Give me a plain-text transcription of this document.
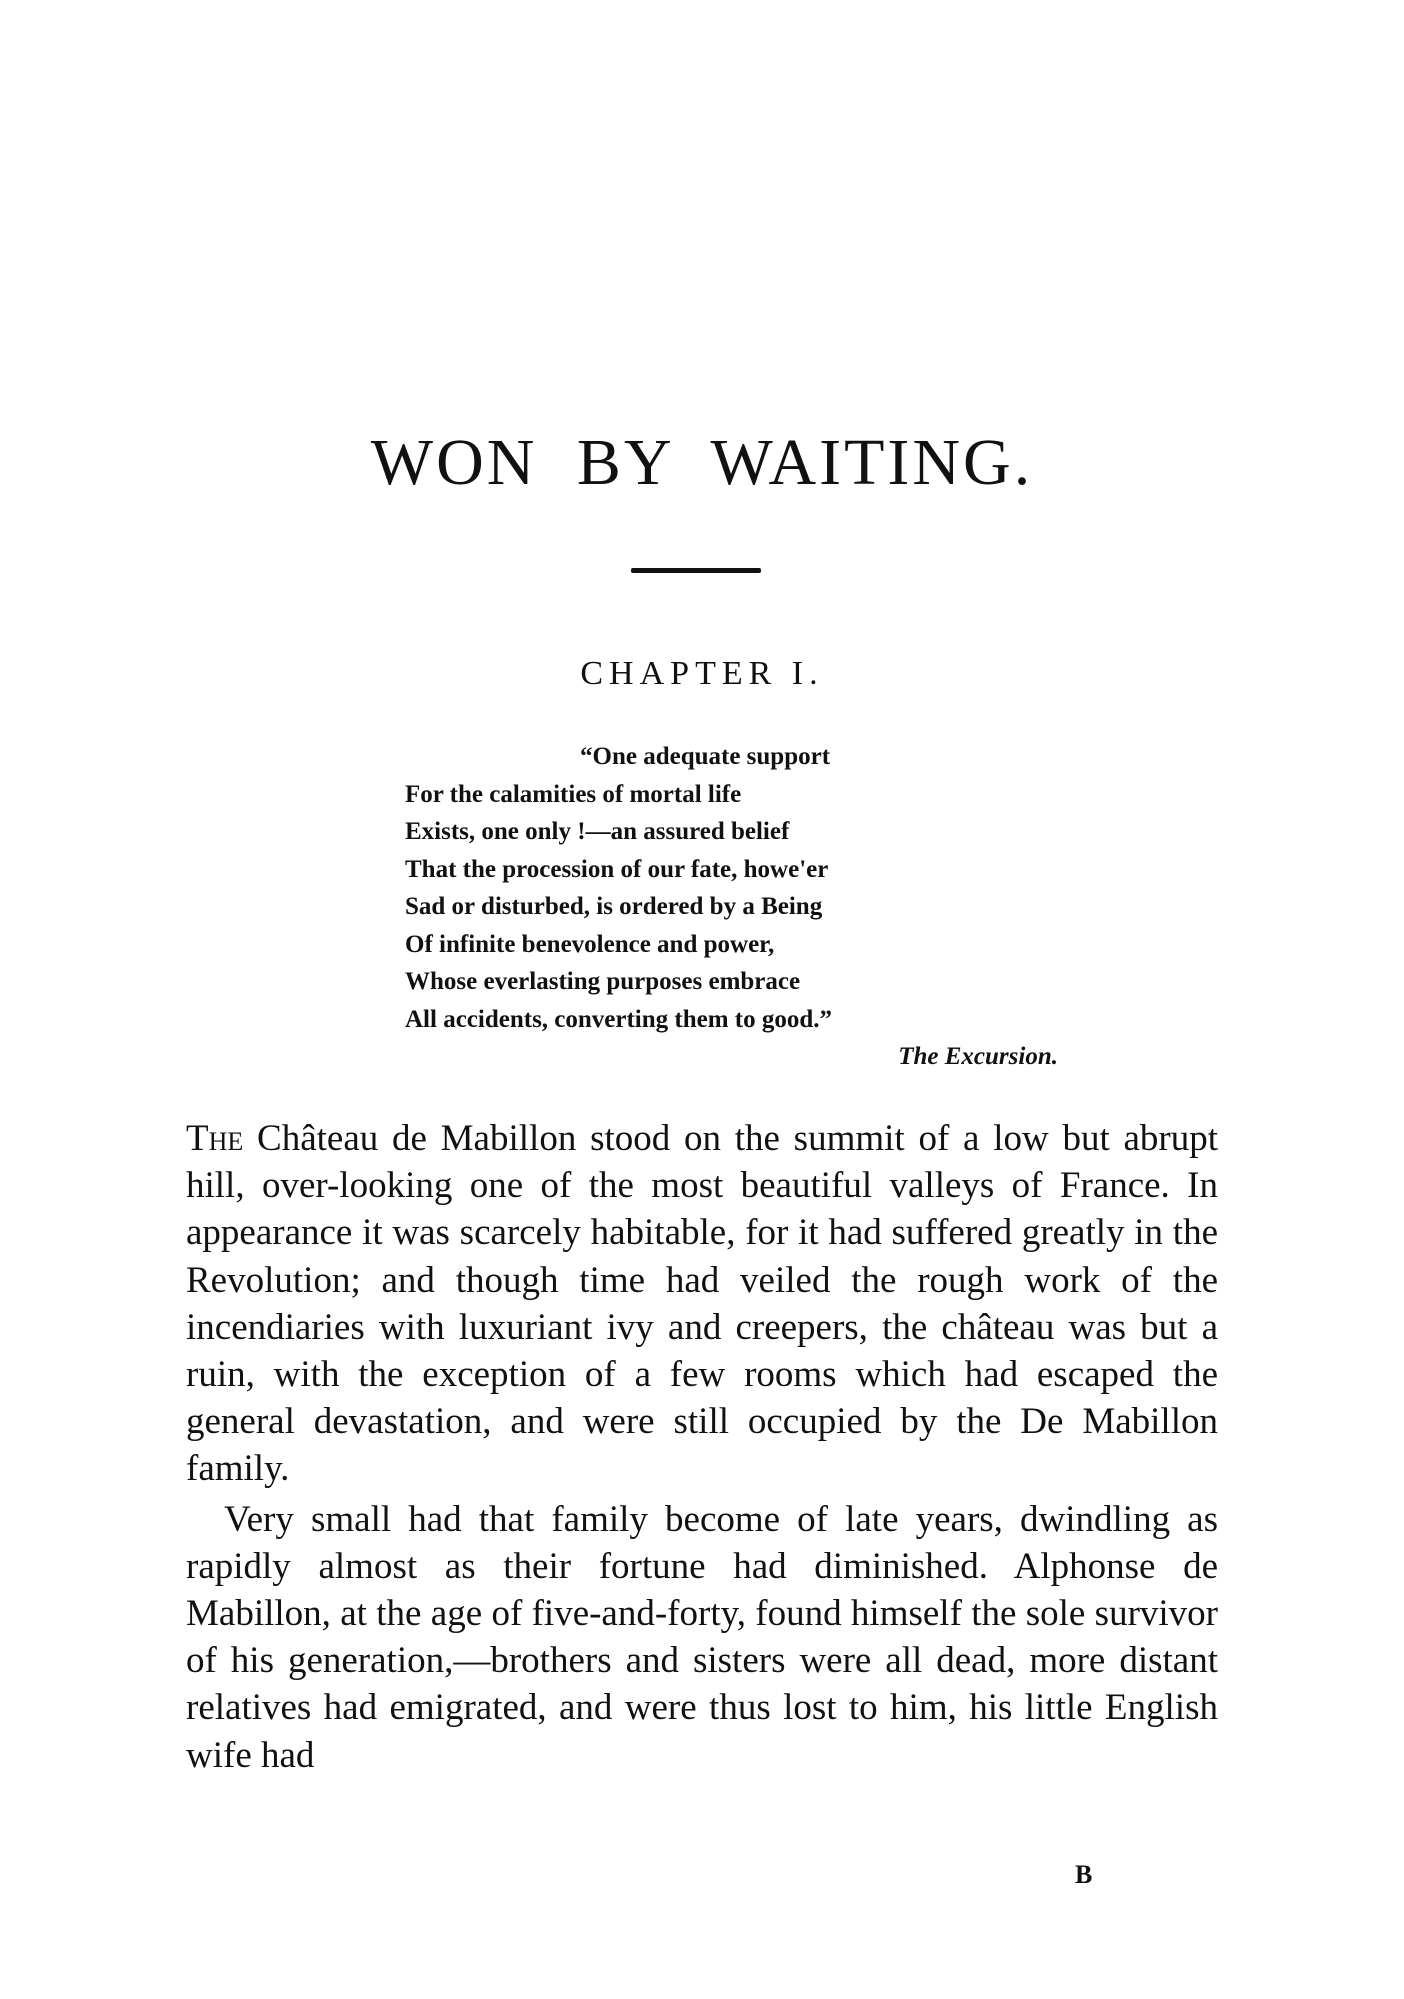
WON BY WAITING.
CHAPTER I.
“One adequate support
For the calamities of mortal life
Exists, one only !—an assured belief
That the procession of our fate, howe'er
Sad or disturbed, is ordered by a Being
Of infinite benevolence and power,
Whose everlasting purposes embrace
All accidents, converting them to good.”
The Excursion.

The Château de Mabillon stood on the summit of a low but abrupt hill, over-looking one of the most beautiful valleys of France. In appearance it was scarcely habitable, for it had suffered greatly in the Revolution; and though time had veiled the rough work of the incendiaries with luxuriant ivy and creepers, the château was but a ruin, with the exception of a few rooms which had escaped the general devastation, and were still occupied by the De Mabillon family.

Very small had that family become of late years, dwindling as rapidly almost as their fortune had diminished. Alphonse de Mabillon, at the age of five-and-forty, found himself the sole survivor of his generation,—brothers and sisters were all dead, more distant relatives had emigrated, and were thus lost to him, his little English wife had

B
